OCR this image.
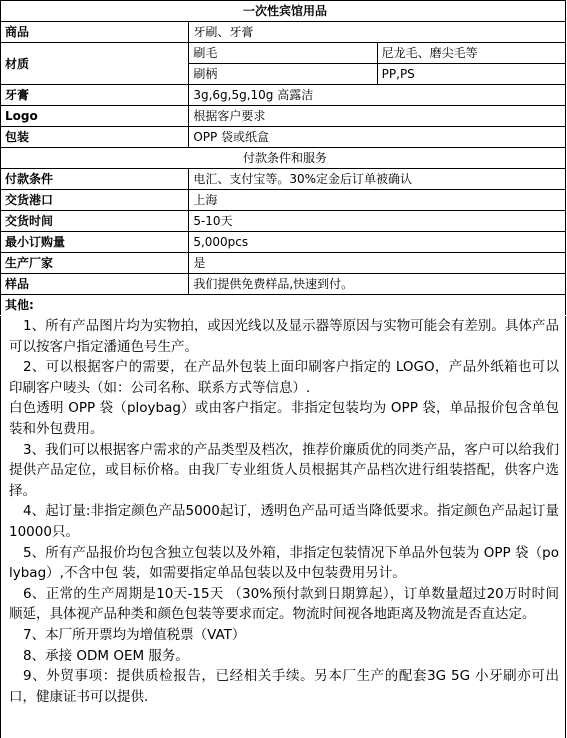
一次性宾馆用品		
商品	牙刷、牙膏	
材质	刷毛	尼龙毛、磨尖毛等
	刷柄	PP,PS
牙膏	3g,6g,5g,10g 高露洁	
Logo	根据客户要求	
包装	OPP 袋或纸盒	
付款条件和服务		
付款条件	电汇、支付宝等。30%定金后订单被确认	
交货港口	上海	
交货时间	5-10天	
最小订购量	5,000pcs	
生产厂家	是	
样品	我们提供免费样品,快速到付。	
其他:		

1、所有产品图片均为实物拍，或因光线以及显示器等原因与实物可能会有差别。具体产品可以按客户指定潘通色号生产。

2、可以根据客户的需要，在产品外包装上面印刷客户指定的 LOGO，产品外纸箱也可以印刷客户唛头（如：公司名称、联系方式等信息）.

白色透明 OPP 袋（ploybag）或由客户指定。非指定包装均为 OPP 袋，单品报价包含单包装和外包费用。

3、我们可以根据客户需求的产品类型及档次，推荐价廉质优的同类产品，客户可以给我们提供产品定位，或目标价格。由我厂专业组货人员根据其产品档次进行组装搭配，供客户选择。

4、起订量:非指定颜色产品5000起订，透明色产品可适当降低要求。指定颜色产品起订量10000只。

5、所有产品报价均包含独立包装以及外箱，非指定包装情况下单品外包装为 OPP 袋（polybag）,不含中包 装，如需要指定单品包装以及中包装费用另计。

6、正常的生产周期是10天-15天 （30%预付款到日期算起），订单数量超过20万时时间顺延，具体视产品种类和颜色包装等要求而定。物流时间视各地距离及物流是否直达定。

7、本厂所开票均为增值税票（VAT）

8、承接 ODM OEM 服务。

9、外贸事项：提供质检报告，已经相关手续。另本厂生产的配套3G 5G 小牙刷亦可出口，健康证书可以提供.
